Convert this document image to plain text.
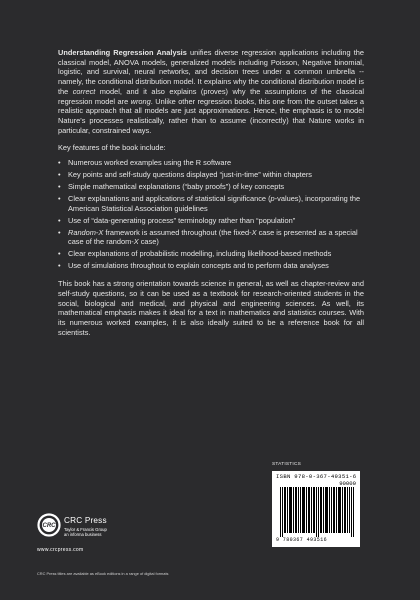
Understanding Regression Analysis unifies diverse regression applications including the classical model, ANOVA models, generalized models including Poisson, Negative binomial, logistic, and survival, neural networks, and decision trees under a common umbrella -- namely, the conditional distribution model. It explains why the conditional distribution model is the correct model, and it also explains (proves) why the assumptions of the classical regression model are wrong. Unlike other regression books, this one from the outset takes a realistic approach that all models are just approximations. Hence, the emphasis is to model Nature’s processes realistically, rather than to assume (incorrectly) that Nature works in particular, constrained ways.

Key features of the book include:

• Numerous worked examples using the R software
• Key points and self-study questions displayed “just-in-time” within chapters
• Simple mathematical explanations (“baby proofs”) of key concepts
• Clear explanations and applications of statistical significance (p-values), incorporating the American Statistical Association guidelines
• Use of “data-generating process” terminology rather than “population”
• Random-X framework is assumed throughout (the fixed-X case is presented as a special case of the random-X case)
• Clear explanations of probabilistic modelling, including likelihood-based methods
• Use of simulations throughout to explain concepts and to perform data analyses

This book has a strong orientation towards science in general, as well as chapter-review and self-study questions, so it can be used as a textbook for research-oriented students in the social, biological and medical, and physical and engineering sciences. As well, its mathematical emphasis makes it ideal for a text in mathematics and statistics courses. With its numerous worked examples, it is also ideally suited to be a reference book for all scientists.

STATISTICS
ISBN 978-0-367-49351-6
90000
9 780367 493516
CRC
CRC Press
Taylor & Francis Group
an informa business
www.crcpress.com
CRC Press titles are available as eBook editions in a range of digital formats
